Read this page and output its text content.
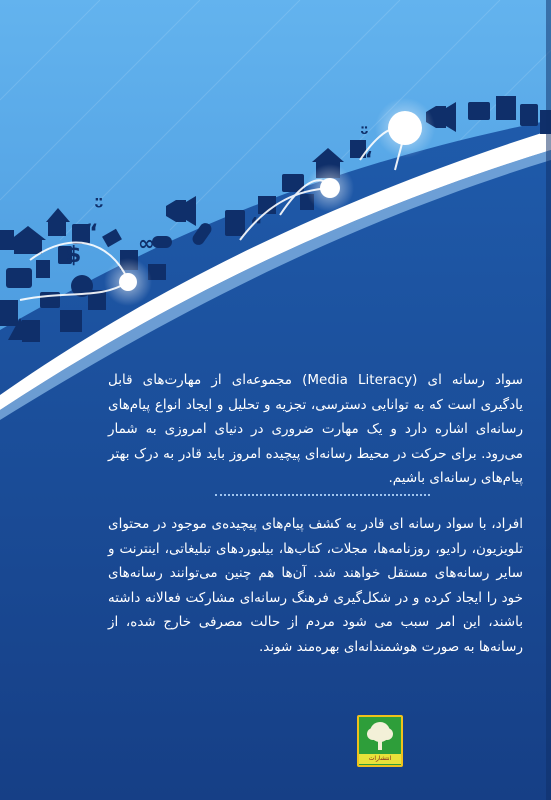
$
“ ∞
ᵕ̈
ᵕ̈
“
“

سواد رسانه ای (Media Literacy) مجموعه‌ای از مهارت‌های قابل یادگیری است که به توانایی دسترسی، تجزیه و تحلیل و ایجاد انواع پیام‌های رسانه‌ای اشاره دارد و یک مهارت ضروری در دنیای امروزی به شمار می‌رود. برای حرکت در محیط رسانه‌ای پیچیده امروز باید قادر به درک بهتر پیام‌های رسانه‌ای باشیم.

افراد، با سواد رسانه ای قادر به کشف پیام‌های پیچیده‌ی موجود در محتوای تلویزیون، رادیو، روزنامه‌ها، مجلات، کتاب‌ها، بیلبوردهای تبلیغاتی، اینترنت و سایر رسانه‌های مستقل خواهند شد. آن‌ها هم چنین می‌توانند رسانه‌های خود را ایجاد کرده و در شکل‌گیری فرهنگ رسانه‌ای مشارکت فعالانه داشته باشند، این امر سبب می شود مردم از حالت مصرفی خارج شده، از رسانه‌ها به صورت هوشمندانه‌ای بهره‌مند شوند.

انتشارات
